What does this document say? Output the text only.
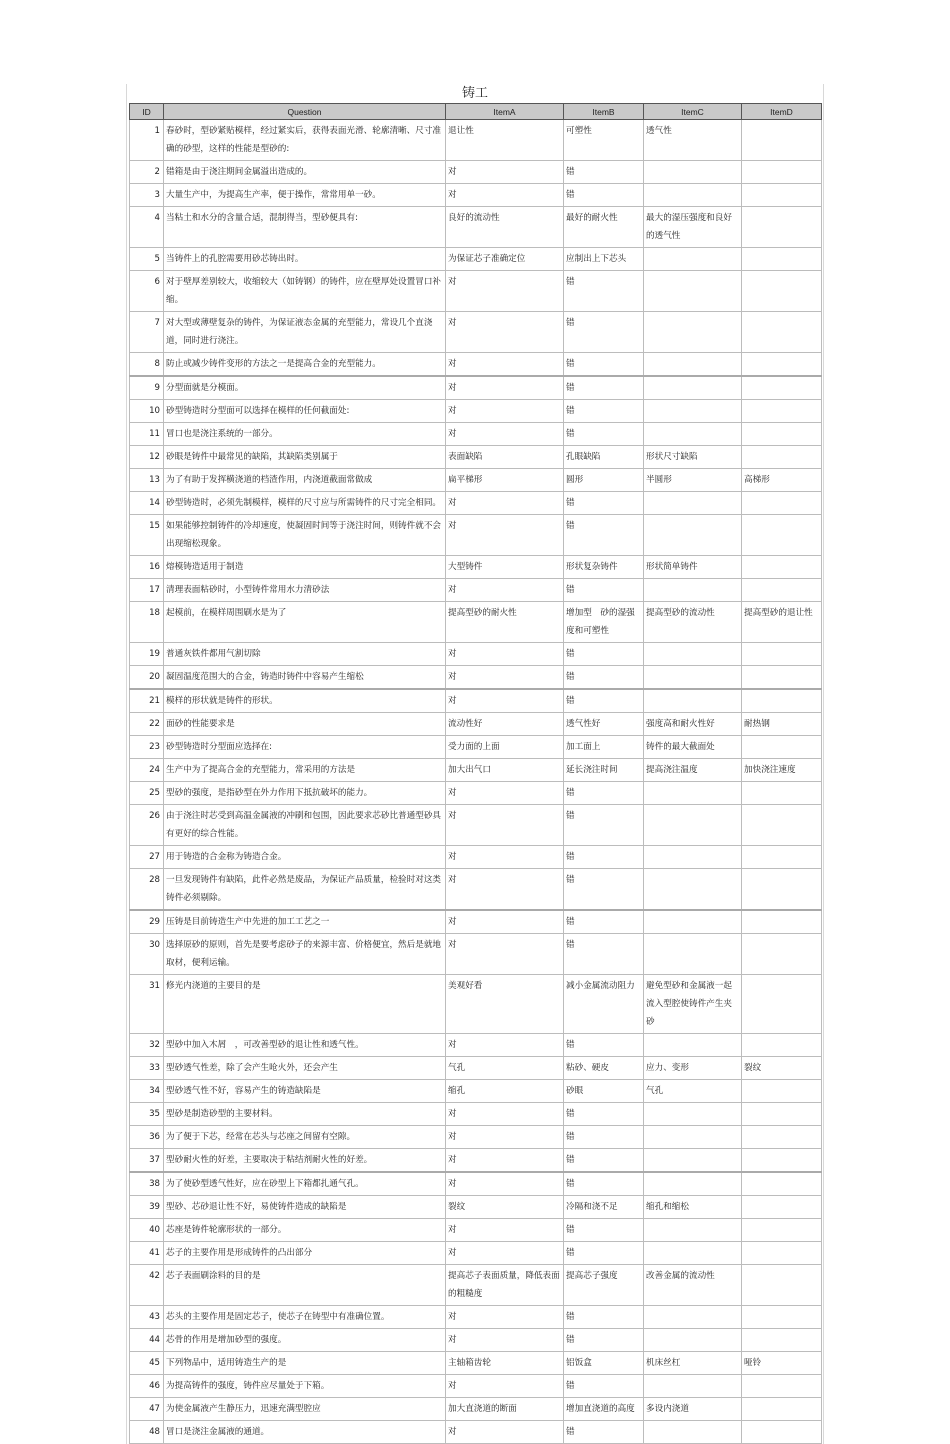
铸工
ID	Question	ItemA	ItemB	ItemC	ItemD
1	春砂时，型砂紧贴模样，经过紧实后，获得表面光滑、轮廓清晰、尺寸准确的砂型，这样的性能是型砂的:	退让性	可塑性	透气性	
2	错箱是由于浇注期间金属溢出造成的。	对	错		
3	大量生产中，为提高生产率，便于操作，常常用单一砂。	对	错		
4	当粘土和水分的含量合适，混制得当，型砂便具有:	良好的流动性	最好的耐火性	最大的湿压强度和良好的透气性	
5	当铸件上的孔腔需要用砂芯铸出时。	为保证芯子准确定位	应制出上下芯头		
6	对于壁厚差别较大，收缩较大（如铸钢）的铸件，应在壁厚处设置冒口补缩。	对	错		
7	对大型或薄壁复杂的铸件，为保证液态金属的充型能力，常设几个直浇道，同时进行浇注。	对	错		
8	防止或减少铸件变形的方法之一是提高合金的充型能力。	对	错		
9	分型面就是分模面。	对	错		
10	砂型铸造时分型面可以选择在模样的任何截面处:	对	错		
11	冒口也是浇注系统的一部分。	对	错		
12	砂眼是铸件中最常见的缺陷，其缺陷类别属于	表面缺陷	孔眼缺陷	形状尺寸缺陷	
13	为了有助于发挥横浇道的档渣作用，内浇道截面常做成	扁平梯形	圆形	半圆形	高梯形
14	砂型铸造时，必须先制模样，模样的尺寸应与所需铸件的尺寸完全相同。	对	错		
15	如果能够控制铸件的冷却速度，使凝固时间等于浇注时间，则铸件就不会出现缩松现象。	对	错		
16	熔模铸造适用于制造	大型铸件	形状复杂铸件	形状简单铸件	
17	清理表面粘砂时，小型铸件常用水力清砂法	对	错		
18	起模前，在模样周围刷水是为了	提高型砂的耐火性	增加型　砂的湿强度和可塑性	提高型砂的流动性	提高型砂的退让性
19	普通灰铁件都用气割切除	对	错		
20	凝固温度范围大的合金，铸造时铸件中容易产生缩松	对	错		
21	模样的形状就是铸件的形状。	对	错		
22	面砂的性能要求是	流动性好	透气性好	强度高和耐火性好	耐热钢
23	砂型铸造时分型面应选择在:	受力面的上面	加工面上	铸件的最大截面处	
24	生产中为了提高合金的充型能力，常采用的方法是	加大出气口	延长浇注时间	提高浇注温度	加快浇注速度
25	型砂的强度，是指砂型在外力作用下抵抗破坏的能力。	对	错		
26	由于浇注时芯受到高温金属液的冲刷和包围，因此要求芯砂比普通型砂具有更好的综合性能。	对	错		
27	用于铸造的合金称为铸造合金。	对	错		
28	一旦发现铸件有缺陷，此件必然是废品，为保证产品质量，检验时对这类铸件必须剔除。	对	错		
29	压铸是目前铸造生产中先进的加工工艺之一	对	错		
30	选择原砂的原则，首先是要考虑砂子的来源丰富、价格便宜，然后是就地取材，便利运输。	对	错		
31	修光内浇道的主要目的是	美观好看	减小金属流动阻力	避免型砂和金属液一起流入型腔使铸件产生夹砂	
32	型砂中加入木屑　，可改善型砂的退让性和透气性。	对	错		
33	型砂透气性差，除了会产生呛火外，还会产生	气孔	粘砂、硬皮	应力、变形	裂纹
34	型砂透气性不好，容易产生的铸造缺陷是	缩孔	砂眼	气孔	
35	型砂是制造砂型的主要材料。	对	错		
36	为了便于下芯，经常在芯头与芯座之间留有空隙。	对	错		
37	型砂耐火性的好差，主要取决于粘结剂耐火性的好差。	对	错		
38	为了使砂型透气性好，应在砂型上下箱都扎通气孔。	对	错		
39	型砂、芯砂退让性不好，易使铸件造成的缺陷是	裂纹	冷隔和浇不足	缩孔和缩松	
40	芯座是铸件轮廓形状的一部分。	对	错		
41	芯子的主要作用是形成铸件的凸出部分	对	错		
42	芯子表面刷涂料的目的是	提高芯子表面质量，降低表面的粗糙度	提高芯子强度	改善金属的流动性	
43	芯头的主要作用是固定芯子，使芯子在铸型中有准确位置。	对	错		
44	芯骨的作用是增加砂型的强度。	对	错		
45	下列物品中，适用铸造生产的是	主轴箱齿轮	铝饭盒	机床丝杠	哑铃
46	为提高铸件的强度，铸件应尽量处于下箱。	对	错		
47	为使金属液产生静压力，迅速充满型腔应	加大直浇道的断面	增加直浇道的高度	多设内浇道	
48	冒口是浇注金属液的通道。	对	错		
